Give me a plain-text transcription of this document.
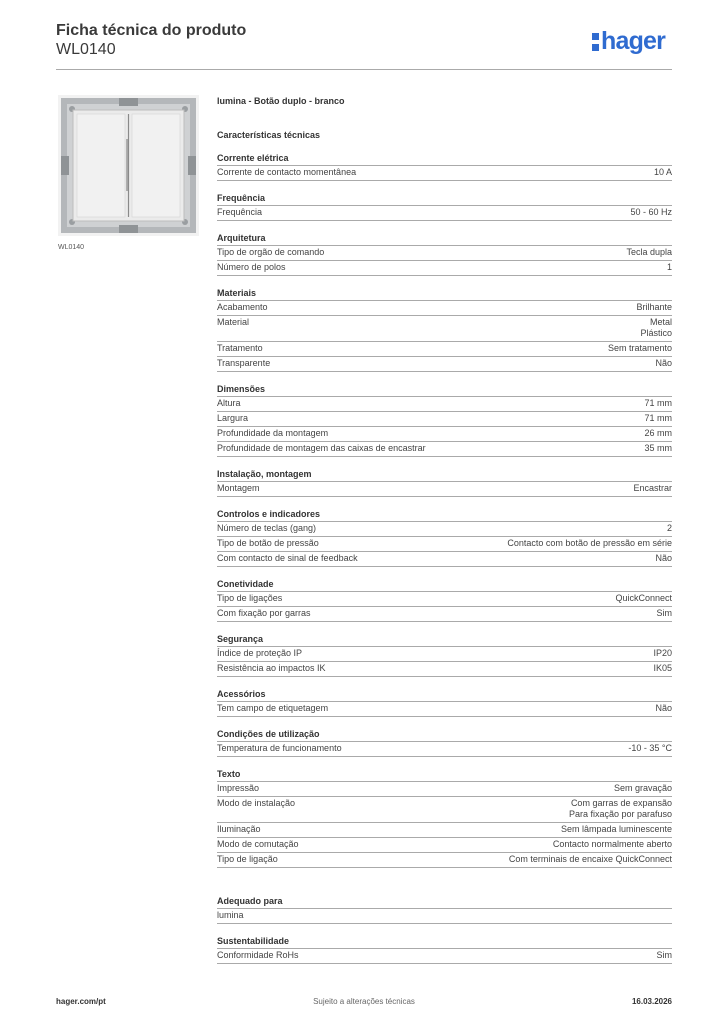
Ficha técnica do produto
WL0140	hager
WL0140
lumina - Botão duplo - branco
Características técnicas
Corrente elétrica
Corrente de contacto momentânea	10 A
Frequência
Frequência	50 - 60 Hz
Arquitetura
Tipo de orgão de comando	Tecla dupla
Número de polos	1
Materiais
Acabamento	Brilhante
Material	Metal
Plástico
Tratamento	Sem tratamento
Transparente	Não
Dimensões
Altura	71 mm
Largura	71 mm
Profundidade da montagem	26 mm
Profundidade de montagem das caixas de encastrar	35 mm
Instalação, montagem
Montagem	Encastrar
Controlos e indicadores
Número de teclas (gang)	2
Tipo de botão de pressão	Contacto com botão de pressão em série
Com contacto de sinal de feedback	Não
Conetividade
Tipo de ligações	QuickConnect
Com fixação por garras	Sim
Segurança
Índice de proteção IP	IP20
Resistência ao impactos IK	IK05
Acessórios
Tem campo de etiquetagem	Não
Condições de utilização
Temperatura de funcionamento	-10 - 35 °C
Texto
Impressão	Sem gravação
Modo de instalação	Com garras de expansão
Para fixação por parafuso
Iluminação	Sem lâmpada luminescente
Modo de comutação	Contacto normalmente aberto
Tipo de ligação	Com terminais de encaixe QuickConnect
Adequado para
lumina
Sustentabilidade
Conformidade RoHs	Sim
hager.com/pt	Sujeito a alterações técnicas	16.03.2026
